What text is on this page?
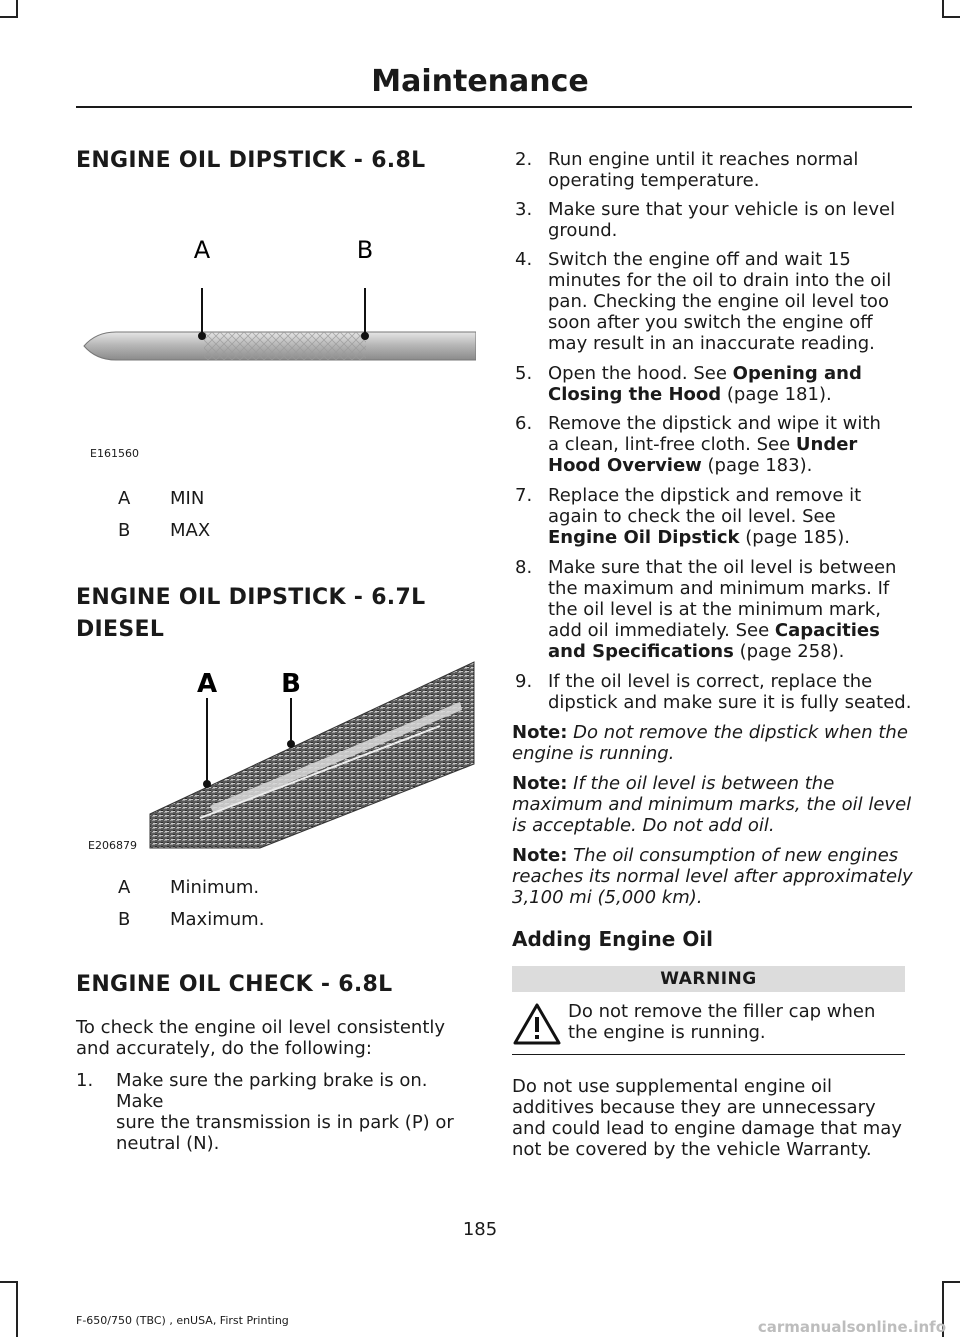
Maintenance
ENGINE OIL DIPSTICK - 6.8L
A	B
E161560
A MIN
B MAX
ENGINE OIL DIPSTICK - 6.7L
DIESEL
A B
E206879
A Minimum.
B Maximum.
ENGINE OIL CHECK - 6.8L
To check the engine oil level consistently
and accurately, do the following:
1. Make sure the parking brake is on. Make
sure the transmission is in park (P) or
neutral (N).
2. Run engine until it reaches normal
operating temperature.
3. Make sure that your vehicle is on level
ground.
4. Switch the engine off and wait 15
minutes for the oil to drain into the oil
pan. Checking the engine oil level too
soon after you switch the engine off
may result in an inaccurate reading.
5. Open the hood. See Opening and
Closing the Hood (page 181).
6. Remove the dipstick and wipe it with
a clean, lint-free cloth. See Under
Hood Overview (page 183).
7. Replace the dipstick and remove it
again to check the oil level. See
Engine Oil Dipstick (page 185).
8. Make sure that the oil level is between
the maximum and minimum marks. If
the oil level is at the minimum mark,
add oil immediately. See Capacities
and Specifications (page 258).
9. If the oil level is correct, replace the
dipstick and make sure it is fully seated.
Note: Do not remove the dipstick when the
engine is running.
Note: If the oil level is between the
maximum and minimum marks, the oil level
is acceptable. Do not add oil.
Note: The oil consumption of new engines
reaches its normal level after approximately
3,100 mi (5,000 km).
Adding Engine Oil
WARNING
Do not remove the filler cap when
the engine is running.
Do not use supplemental engine oil
additives because they are unnecessary
and could lead to engine damage that may
not be covered by the vehicle Warranty.
185
F-650/750 (TBC) , enUSA, First Printing	carmanualsonline.info
